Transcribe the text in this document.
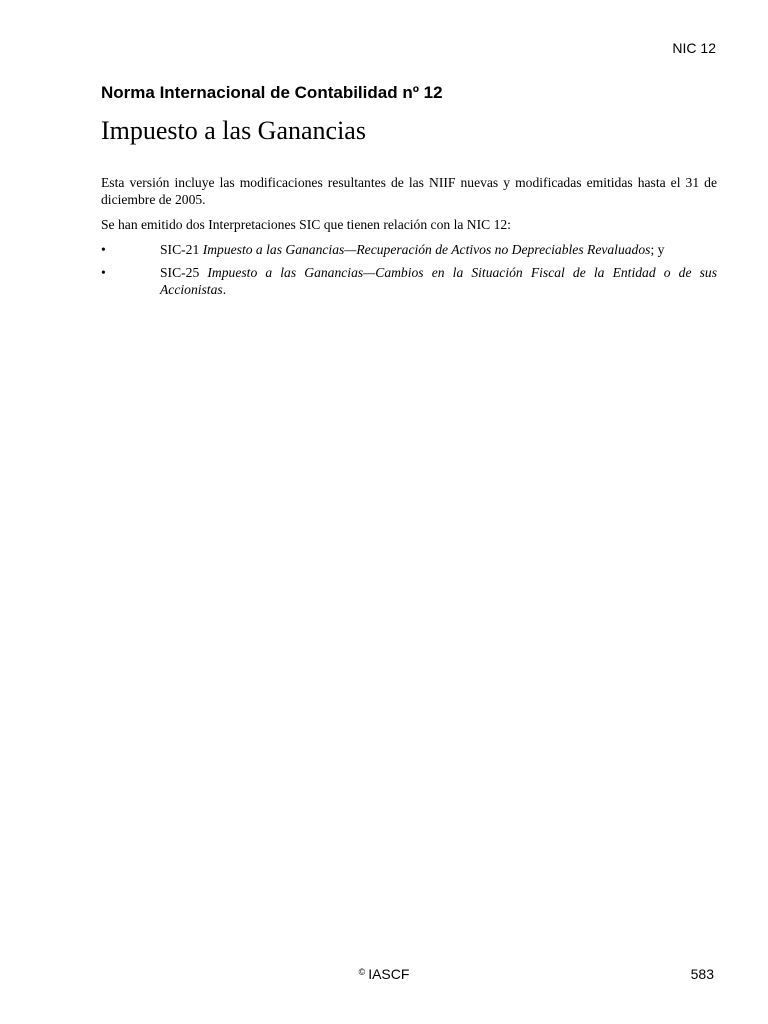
NIC 12
Norma Internacional de Contabilidad nº 12
Impuesto a las Ganancias

Esta versión incluye las modificaciones resultantes de las NIIF nuevas y modificadas emitidas hasta el 31 de diciembre de 2005.

Se han emitido dos Interpretaciones SIC que tienen relación con la NIC 12:

•	SIC-21 Impuesto a las Ganancias—Recuperación de Activos no Depreciables Revaluados; y
•	SIC-25 Impuesto a las Ganancias—Cambios en la Situación Fiscal de la Entidad o de sus Accionistas.
© IASCF	583
